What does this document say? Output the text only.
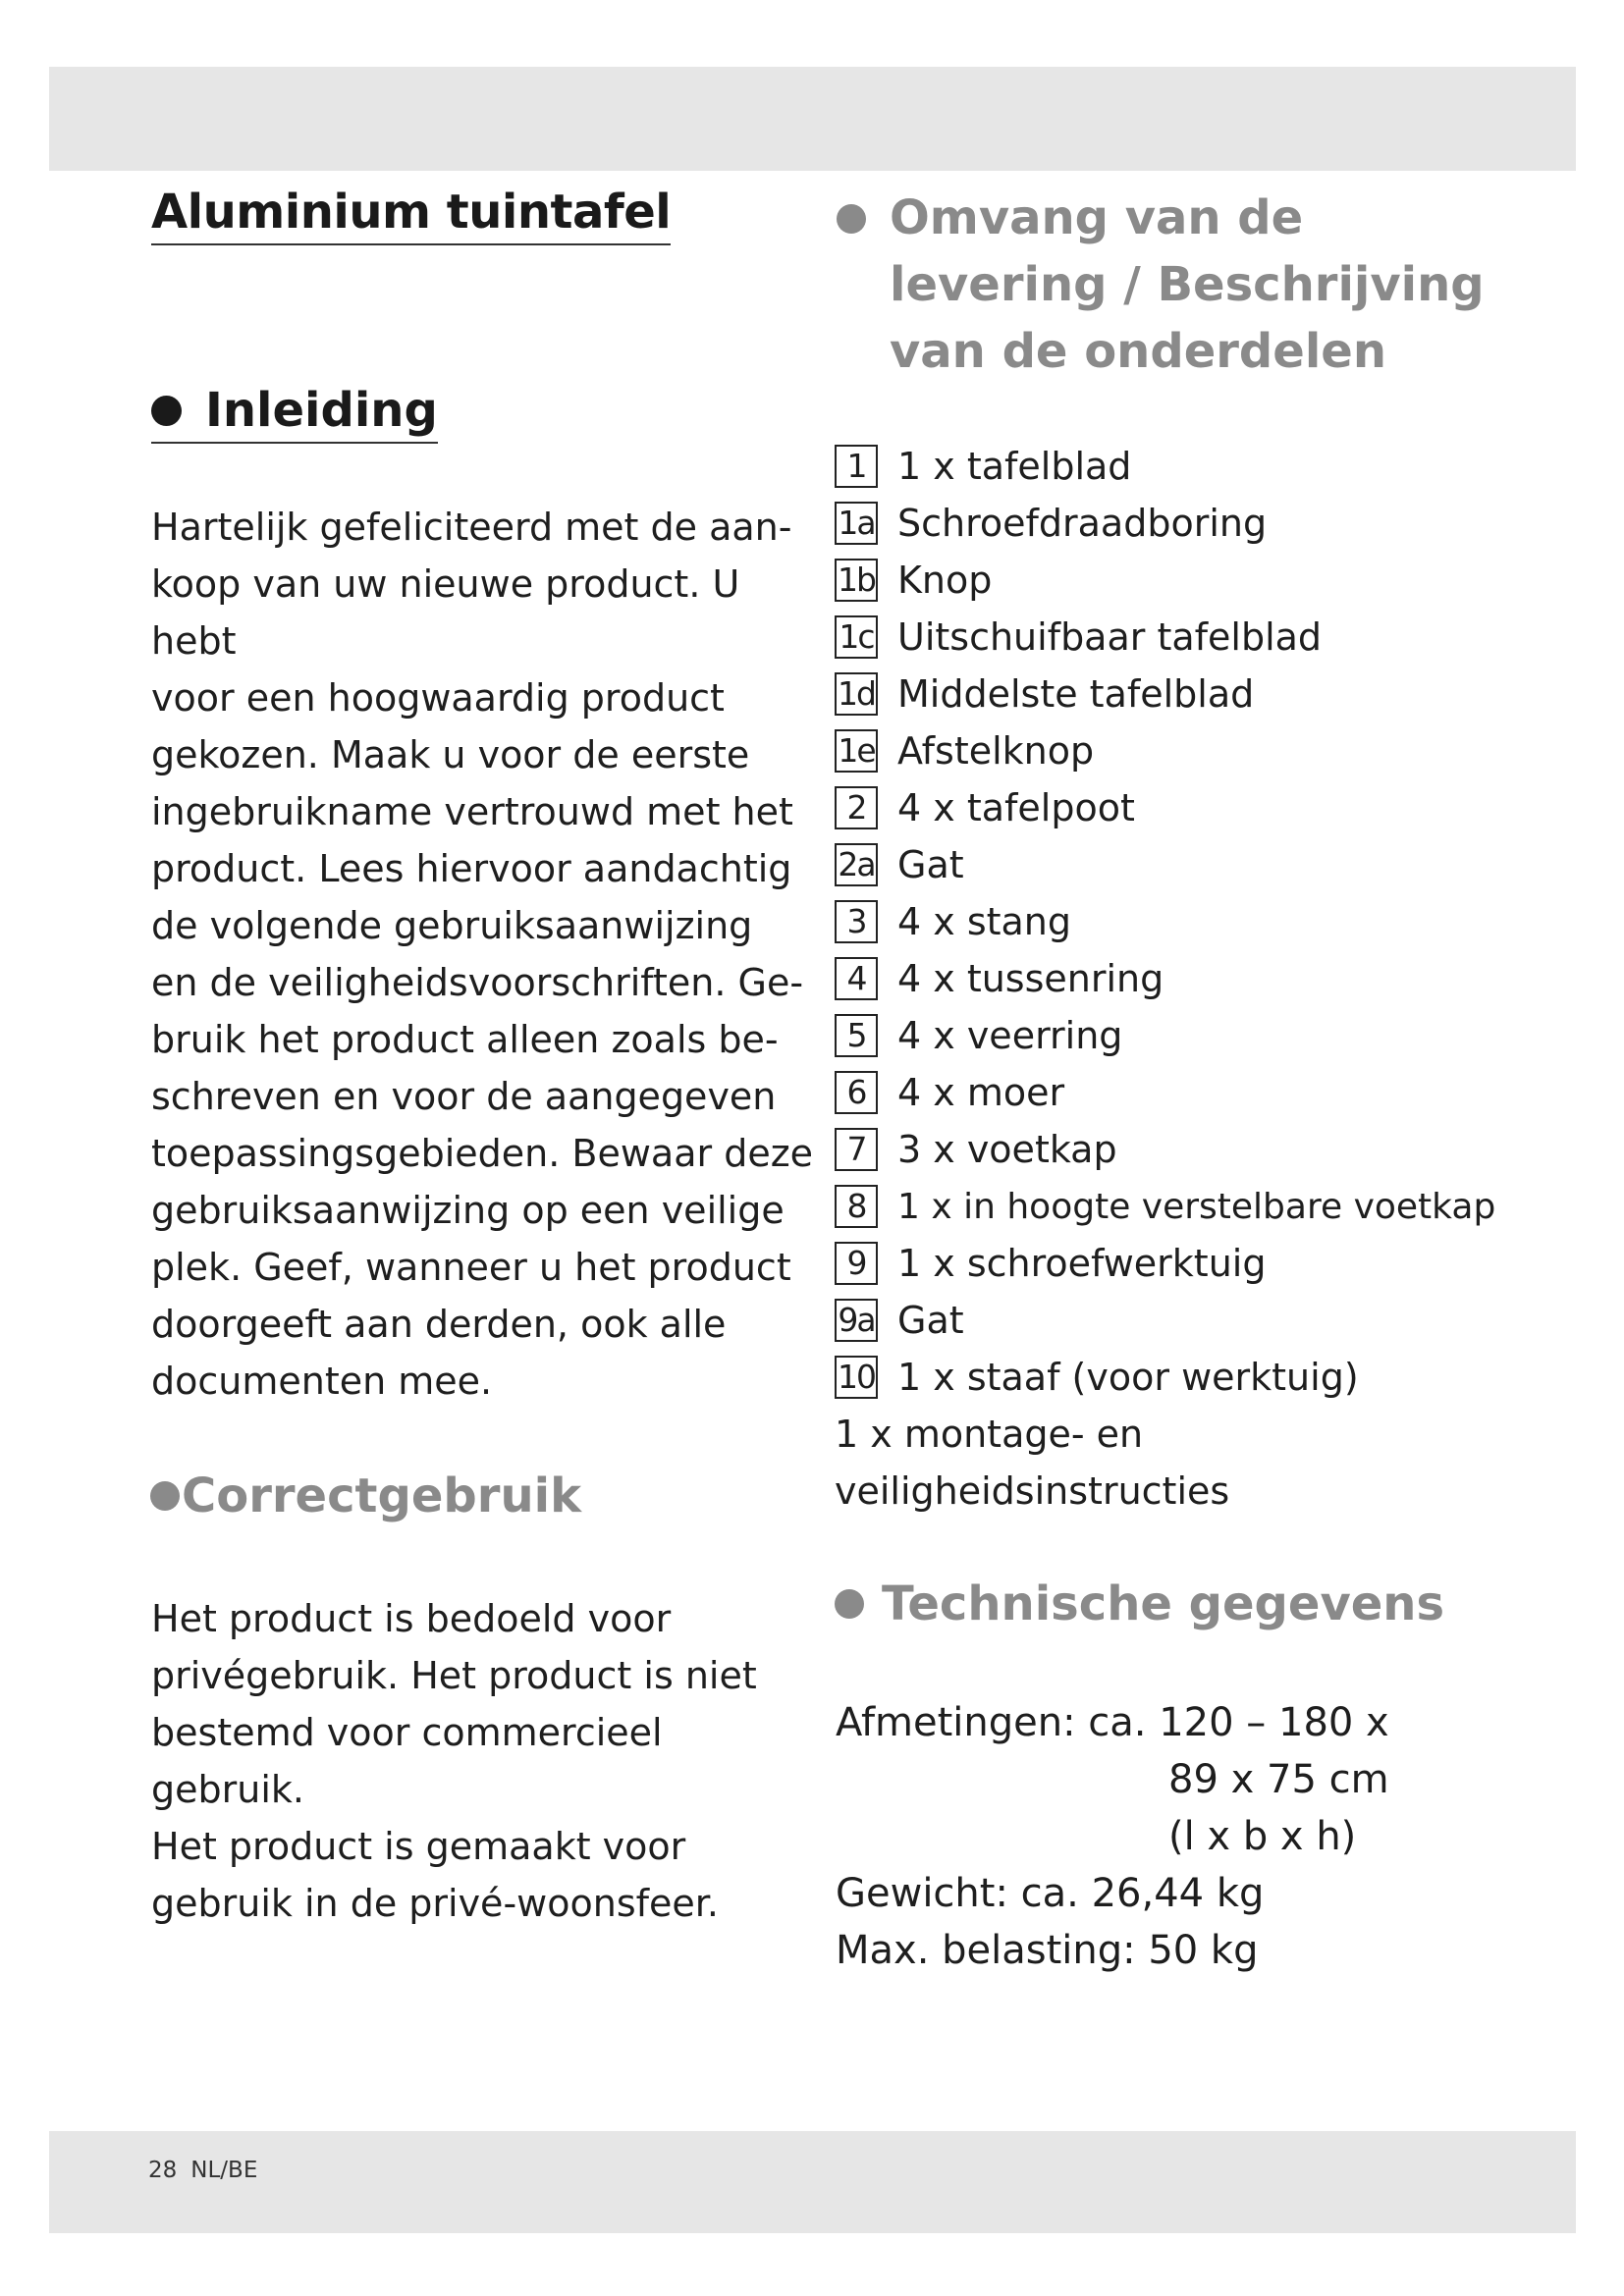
Aluminium tuintafel
Inleiding
Hartelijk gefeliciteerd met de aan-
koop van uw nieuwe product. U hebt
voor een hoogwaardig product
gekozen. Maak u voor de eerste
ingebruikname vertrouwd met het
product. Lees hiervoor aandachtig
de volgende gebruiksaanwijzing
en de veiligheidsvoorschriften. Ge-
bruik het product alleen zoals be-
schreven en voor de aangegeven
toepassingsgebieden. Bewaar deze
gebruiksaanwijzing op een veilige
plek. Geef, wanneer u het product
doorgeeft aan derden, ook alle
documenten mee.
Correctgebruik
Het product is bedoeld voor
privégebruik. Het product is niet
bestemd voor commercieel gebruik.
Het product is gemaakt voor
gebruik in de privé-woonsfeer.
Omvang van de
levering / Beschrijving
van de onderdelen
1 1 x tafelblad
1a Schroefdraadboring
1b Knop
1c Uitschuifbaar tafelblad
1d Middelste tafelblad
1e Afstelknop
2 4 x tafelpoot
2a Gat
3 4 x stang
4 4 x tussenring
5 4 x veerring
6 4 x moer
7 3 x voetkap
8 1 x in hoogte verstelbare voetkap
9 1 x schroefwerktuig
9a Gat
10 1 x staaf (voor werktuig)
1 x montage- en veiligheidsinstructies
Technische gegevens
Afmetingen: ca. 120 – 180 x
89 x 75 cm
(l x b x h)
Gewicht: ca. 26,44 kg
Max. belasting: 50 kg
28 NL/BE
